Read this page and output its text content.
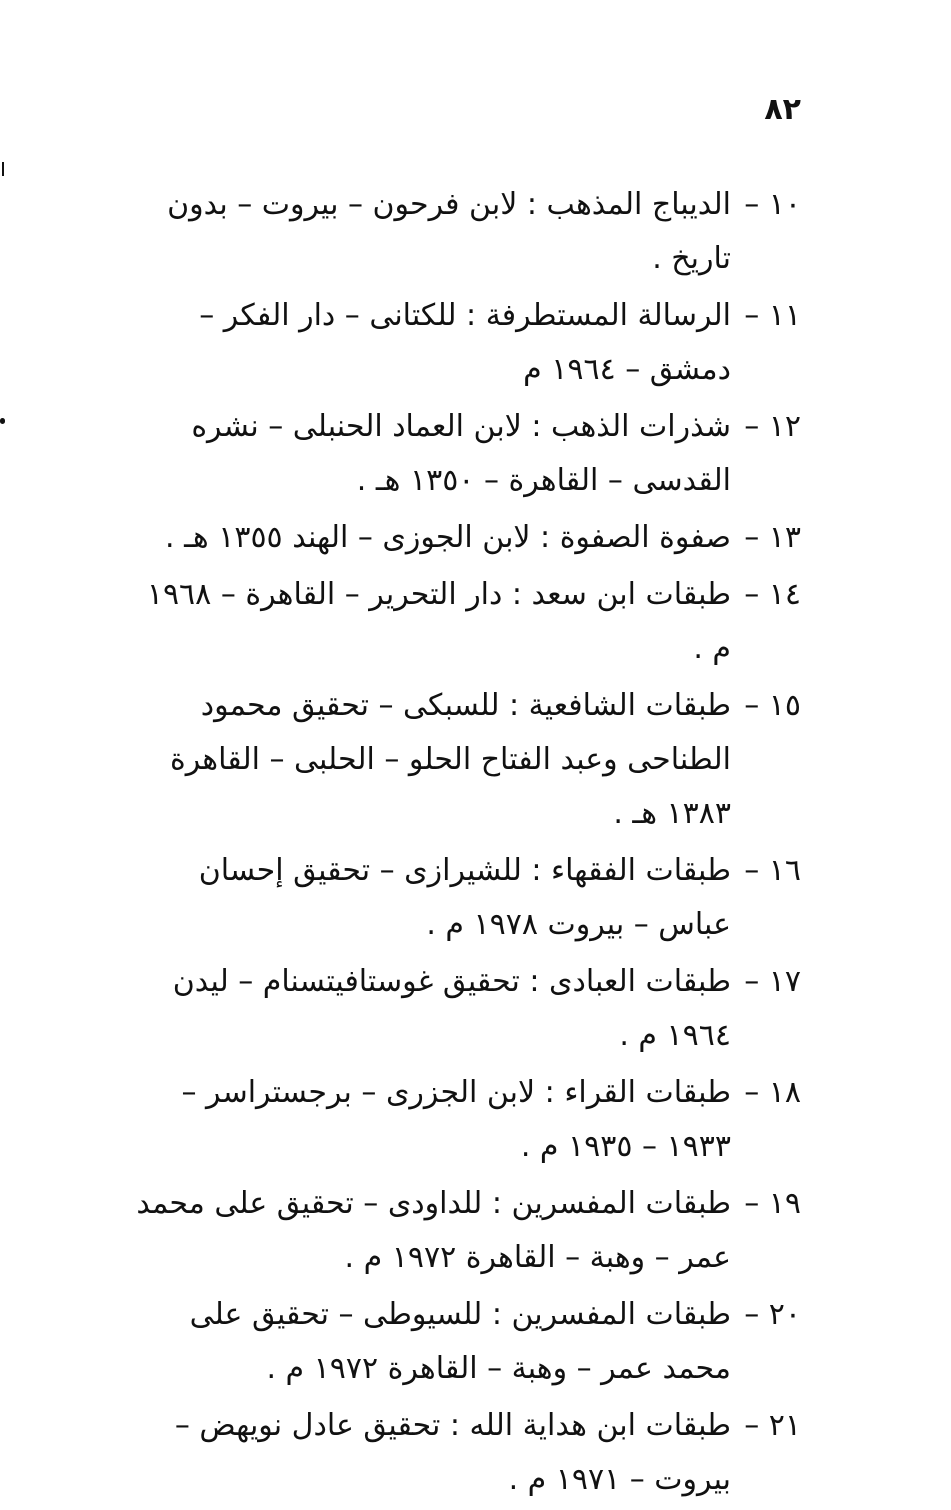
٨٢
١٠ –
الديباج المذهب : لابن فرحون – بيروت – بدون تاريخ .
١١ –
الرسالة المستطرفة : للكتانى – دار الفكر – دمشق – ١٩٦٤ م
١٢ –
شذرات الذهب : لابن العماد الحنبلى – نشره القدسى – القاهرة – ١٣٥٠ هـ .
١٣ –
صفوة الصفوة : لابن الجوزى – الهند ١٣٥٥ هـ .
١٤ –
طبقات ابن سعد : دار التحرير – القاهرة – ١٩٦٨ م .
١٥ –
طبقات الشافعية : للسبكى – تحقيق محمود الطناحى وعبد الفتاح الحلو – الحلبى – القاهرة ١٣٨٣ هـ .
١٦ –
طبقات الفقهاء : للشيرازى – تحقيق إحسان عباس – بيروت ١٩٧٨ م .
١٧ –
طبقات العبادى : تحقيق غوستافيتسنام – ليدن ١٩٦٤ م .
١٨ –
طبقات القراء : لابن الجزرى – برجستراسر – ١٩٣٣ – ١٩٣٥ م .
١٩ –
طبقات المفسرين : للداودى – تحقيق على محمد عمر – وهبة – القاهرة ١٩٧٢ م .
٢٠ –
طبقات المفسرين : للسيوطى – تحقيق على محمد عمر – وهبة – القاهرة ١٩٧٢ م .
٢١ –
طبقات ابن هداية الله : تحقيق عادل نويهض – بيروت – ١٩٧١ م .
